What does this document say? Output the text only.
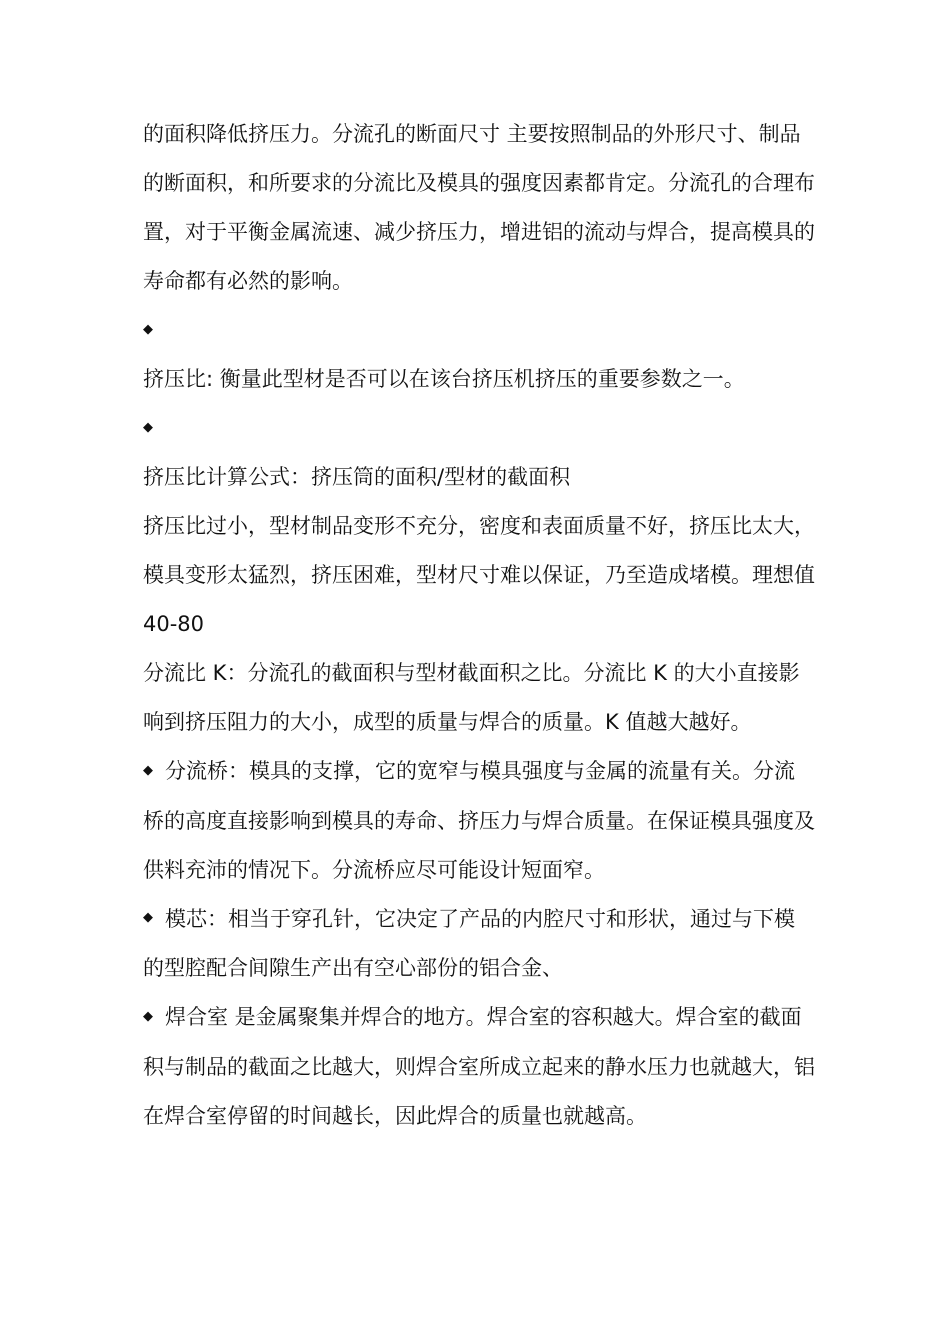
的面积降低挤压力。分流孔的断面尺寸 主要按照制品的外形尺寸、制品的断面积，和所要求的分流比及模具的强度因素都肯定。分流孔的合理布置，对于平衡金属流速、减少挤压力，增进铝的流动与焊合，提高模具的寿命都有必然的影响。

◆

挤压比: 衡量此型材是否可以在该台挤压机挤压的重要参数之一。

◆

挤压比计算公式：挤压筒的面积/型材的截面积

挤压比过小，型材制品变形不充分，密度和表面质量不好，挤压比太大，模具变形太猛烈，挤压困难，型材尺寸难以保证，乃至造成堵模。理想值 40-80

分流比 K：分流孔的截面积与型材截面积之比。分流比 K 的大小直接影响到挤压阻力的大小，成型的质量与焊合的质量。K 值越大越好。

◆ 分流桥：模具的支撑，它的宽窄与模具强度与金属的流量有关。分流桥的高度直接影响到模具的寿命、挤压力与焊合质量。在保证模具强度及供料充沛的情况下。分流桥应尽可能设计短面窄。

◆ 模芯：相当于穿孔针，它决定了产品的内腔尺寸和形状，通过与下模的型腔配合间隙生产出有空心部份的铝合金、

◆ 焊合室 是金属聚集并焊合的地方。焊合室的容积越大。焊合室的截面积与制品的截面之比越大，则焊合室所成立起来的静水压力也就越大，铝在焊合室停留的时间越长，因此焊合的质量也就越高。
